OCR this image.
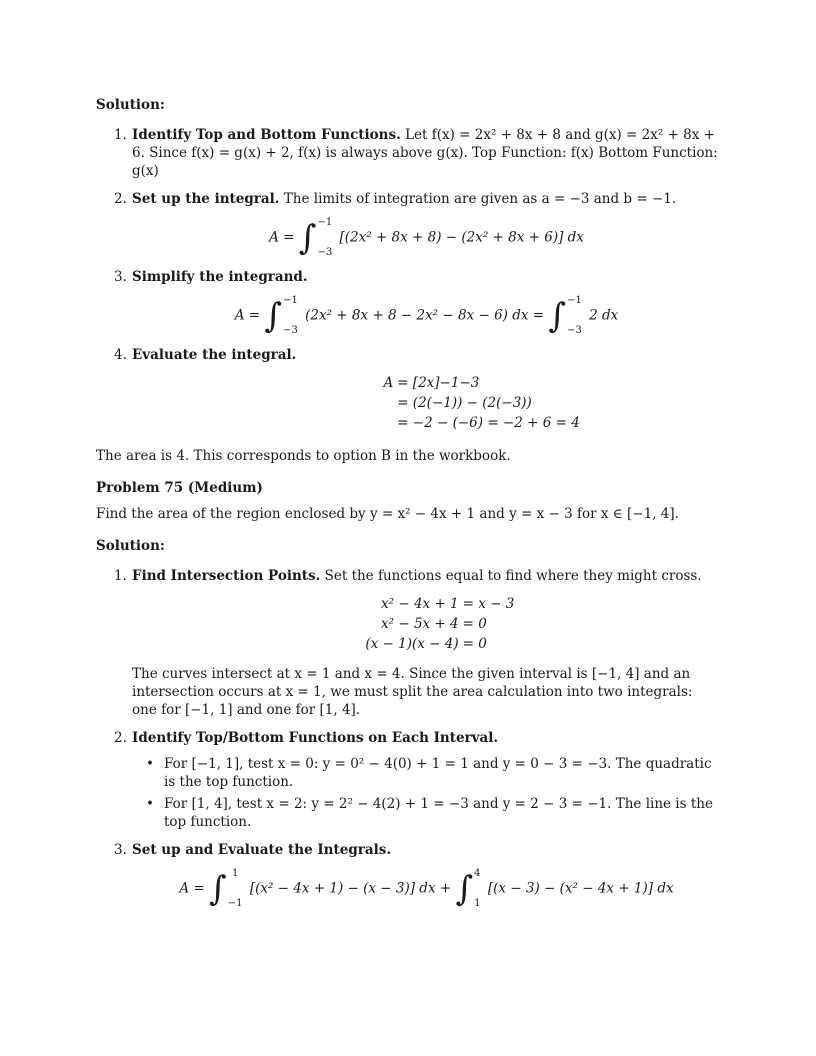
Solution:

1. Identify Top and Bottom Functions. Let f(x) = 2x² + 8x + 8 and g(x) = 2x² + 8x + 6. Since f(x) = g(x) + 2, f(x) is always above g(x). Top Function: f(x) Bottom Function: g(x)
2. Set up the integral. The limits of integration are given as a = −3 and b = −1.
A = ∫ −1
−3
[(2x² + 8x + 8) − (2x² + 8x + 6)] dx
3. Simplify the integrand.
A = ∫ −1
−3
(2x² + 8x + 8 − 2x² − 8x − 6) dx = ∫ −1
−3
2 dx
4. Evaluate the integral.
A = [2x]−1−3
= (2(−1)) − (2(−3))
= −2 − (−6) = −2 + 6 = 4

The area is 4. This corresponds to option B in the workbook.

Problem 75 (Medium)

Find the area of the region enclosed by y = x² − 4x + 1 and y = x − 3 for x ∈ [−1, 4].

Solution:

1. Find Intersection Points. Set the functions equal to find where they might cross.
x² − 4x + 1 = x − 3
x² − 5x + 4 = 0
(x − 1)(x − 4) = 0

The curves intersect at x = 1 and x = 4. Since the given interval is [−1, 4] and an intersection occurs at x = 1, we must split the area calculation into two integrals: one for [−1, 1] and one for [1, 4].

2. Identify Top/Bottom Functions on Each Interval.
• For [−1, 1], test x = 0: y = 0² − 4(0) + 1 = 1 and y = 0 − 3 = −3. The quadratic is the top function.
• For [1, 4], test x = 2: y = 2² − 4(2) + 1 = −3 and y = 2 − 3 = −1. The line is the top function.
3. Set up and Evaluate the Integrals.
A = ∫ 1
−1
[(x² − 4x + 1) − (x − 3)] dx + ∫ 4
1
[(x − 3) − (x² − 4x + 1)] dx
